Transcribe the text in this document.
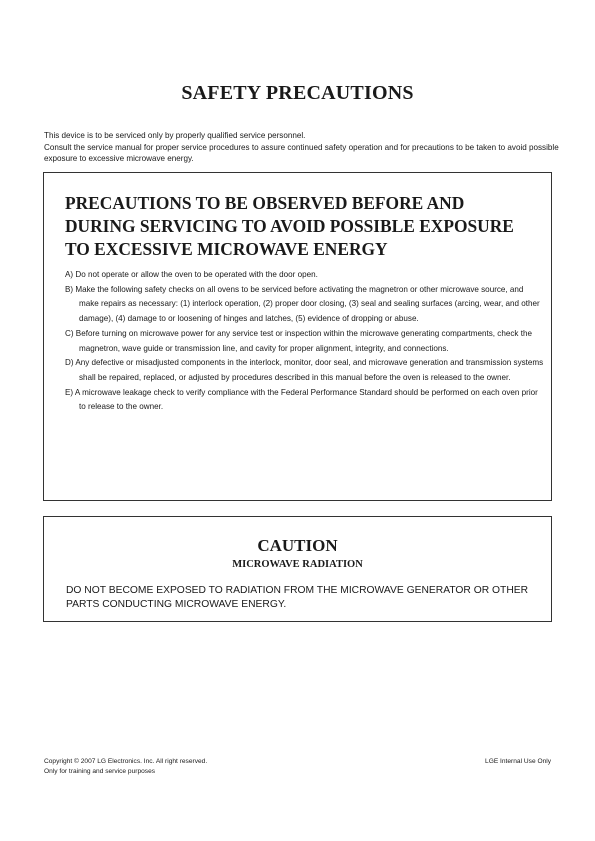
SAFETY PRECAUTIONS

This device is to be serviced only by properly qualified service personnel.

Consult the service manual for proper service procedures to assure continued safety operation and for precautions to be taken to avoid possible exposure to excessive microwave energy.

PRECAUTIONS TO BE OBSERVED BEFORE AND DURING SERVICING TO AVOID POSSIBLE EXPOSURE TO EXCESSIVE MICROWAVE ENERGY
A) Do not operate or allow the oven to be operated with the door open.
B) Make the following safety checks on all ovens to be serviced before activating the magnetron or other microwave source, and make repairs as necessary: (1) interlock operation, (2) proper door closing, (3) seal and sealing surfaces (arcing, wear, and other damage), (4) damage to or loosening of hinges and latches, (5) evidence of dropping or abuse.
C) Before turning on microwave power for any service test or inspection within the microwave generating compartments, check the magnetron, wave guide or transmission line, and cavity for proper alignment, integrity, and connections.
D) Any defective or misadjusted components in the interlock, monitor, door seal, and microwave generation and transmission systems shall be repaired, replaced, or adjusted by procedures described in this manual before the oven is released to the owner.
E) A microwave leakage check to verify compliance with the Federal Performance Standard should be performed on each oven prior to release to the owner.
CAUTION
MICROWAVE RADIATION
DO NOT BECOME EXPOSED TO RADIATION FROM THE MICROWAVE GENERATOR OR OTHER PARTS CONDUCTING MICROWAVE ENERGY.
Copyright © 2007 LG Electronics. Inc. All right reserved.
Only for training and service purposes
LGE Internal Use Only
